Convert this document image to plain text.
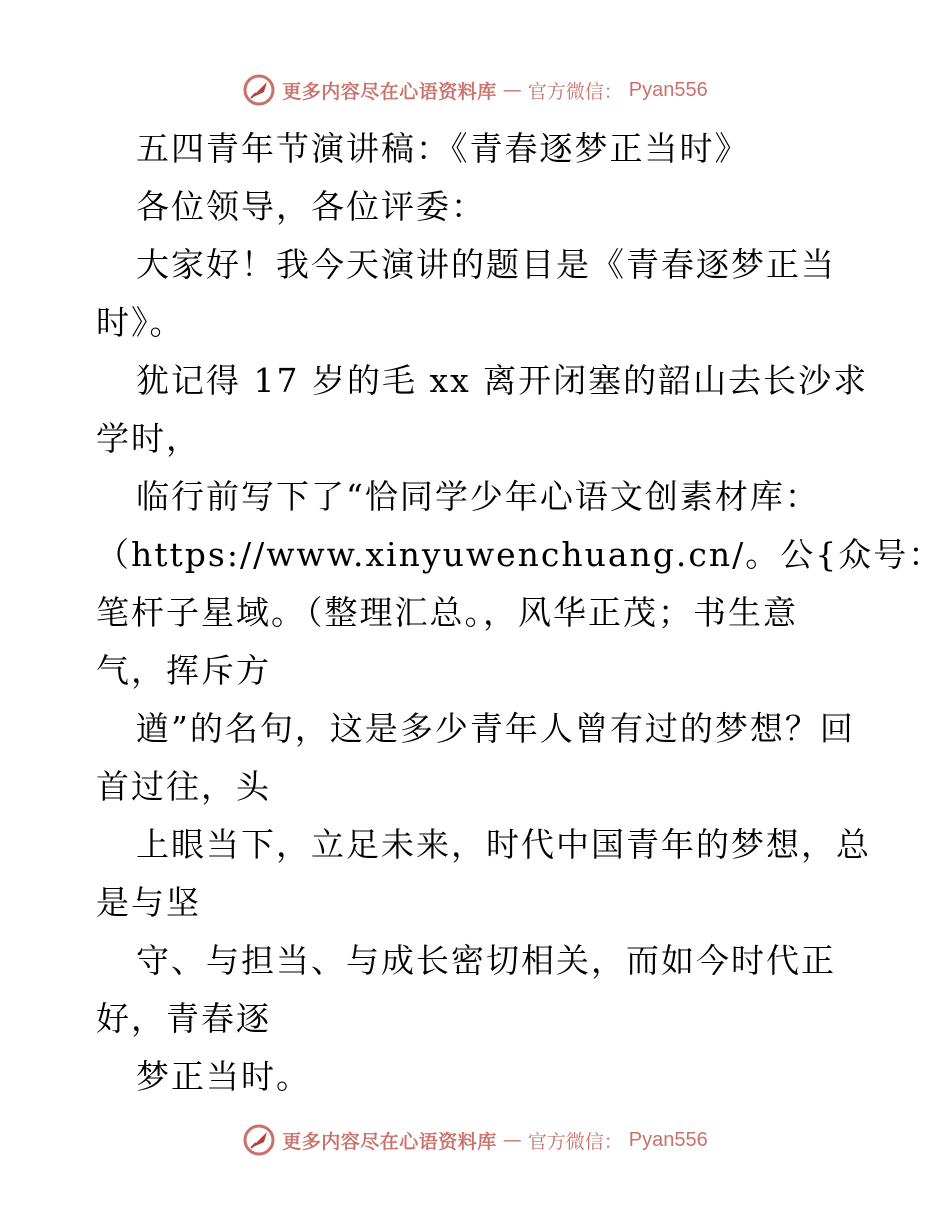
更多内容尽在心语资料库 — 官方微信： Pyan556
五四青年节演讲稿：《青春逐梦正当时》
各位领导，各位评委：
大家好！我今天演讲的题目是《青春逐梦正当
时》。
犹记得 17 岁的毛 xx 离开闭塞的韶山去长沙求
学时，
临行前写下了“恰同学少年心语文创素材库：
（https://www.xinyuwenchuang.cn/。公{众号：
笔杆子星域。（整理汇总。，风华正茂；书生意
气，挥斥方
遒”的名句，这是多少青年人曾有过的梦想？回
首过往，头
上眼当下，立足未来，时代中国青年的梦想，总
是与坚
守、与担当、与成长密切相关，而如今时代正
好，青春逐
梦正当时。
更多内容尽在心语资料库 — 官方微信： Pyan556
